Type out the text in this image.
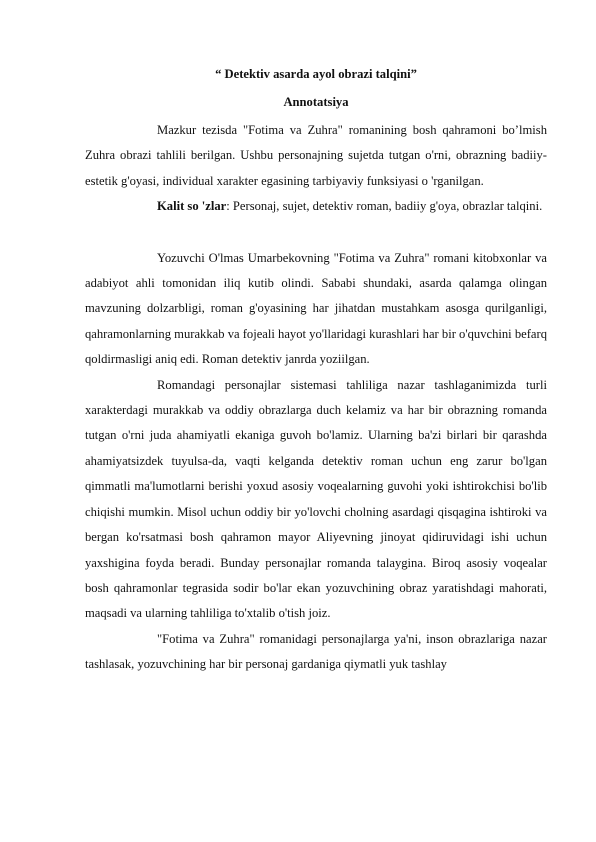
“ Detektiv asarda ayol obrazi talqini”
Annotatsiya

Mazkur tezisda "Fotima va Zuhra" romanining bosh qahramoni bo’lmish Zuhra obrazi tahlili berilgan. Ushbu personajning sujetda tutgan o'rni, obrazning badiiy-estetik g'oyasi, individual xarakter egasining tarbiyaviy funksiyasi o 'rganilgan.

Kalit so 'zlar: Personaj, sujet, detektiv roman, badiiy g'oya, obrazlar talqini.

Yozuvchi O'lmas Umarbekovning "Fotima va Zuhra" romani kitobxonlar va adabiyot ahli tomonidan iliq kutib olindi. Sababi shundaki, asarda qalamga olingan mavzuning dolzarbligi, roman g'oyasining har jihatdan mustahkam asosga qurilganligi, qahramonlarning murakkab va fojeali hayot yo'llaridagi kurashlari har bir o'quvchini befarq qoldirmasligi aniq edi. Roman detektiv janrda yoziilgan.

Romandagi personajlar sistemasi tahliliga nazar tashlaganimizda turli xarakterdagi murakkab va oddiy obrazlarga duch kelamiz va har bir obrazning romanda tutgan o'rni juda ahamiyatli ekaniga guvoh bo'lamiz. Ularning ba'zi birlari bir qarashda ahamiyatsizdek tuyulsa-da, vaqti kelganda detektiv roman uchun eng zarur bo'lgan qimmatli ma'lumotlarni berishi yoxud asosiy voqealarning guvohi yoki ishtirokchisi bo'lib chiqishi mumkin. Misol uchun oddiy bir yo'lovchi cholning asardagi qisqagina ishtiroki va bergan ko'rsatmasi bosh qahramon mayor Aliyevning jinoyat qidiruvidagi ishi uchun yaxshigina foyda beradi. Bunday personajlar romanda talaygina. Biroq asosiy voqealar bosh qahramonlar tegrasida sodir bo'lar ekan yozuvchining obraz yaratishdagi mahorati, maqsadi va ularning tahliliga to'xtalib o'tish joiz.

"Fotima va Zuhra" romanidagi personajlarga ya'ni, inson obrazlariga nazar tashlasak, yozuvchining har bir personaj gardaniga qiymatli yuk tashlay
